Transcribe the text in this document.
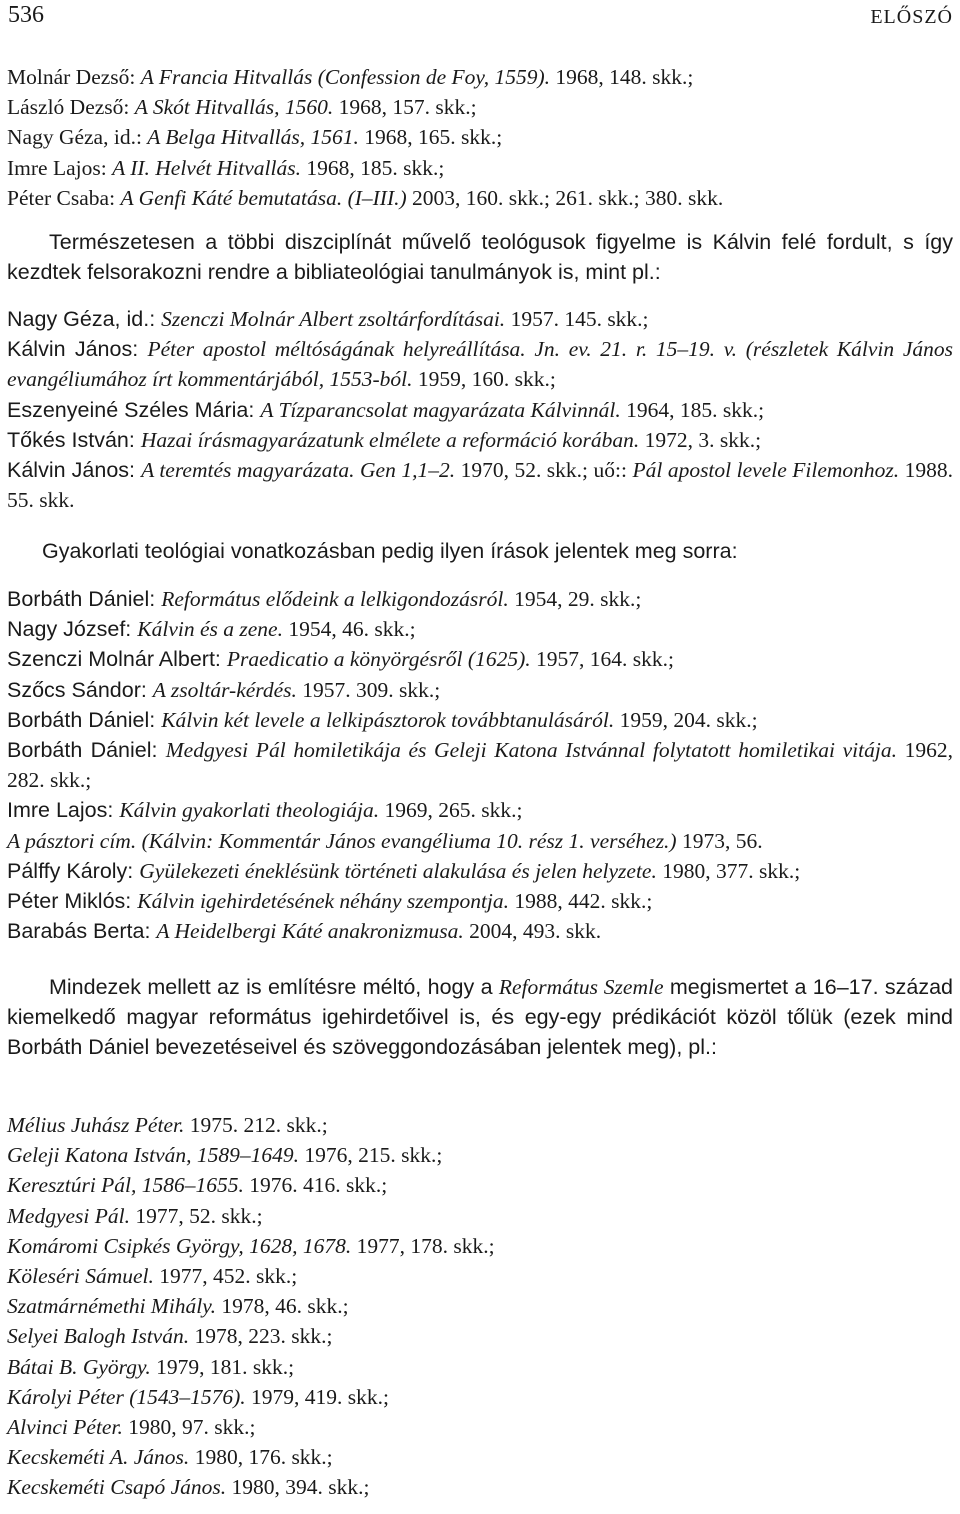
536	ELŐSZÓ
Molnár Dezső: A Francia Hitvallás (Confession de Foy, 1559). 1968, 148. skk.;
László Dezső: A Skót Hitvallás, 1560. 1968, 157. skk.;
Nagy Géza, id.: A Belga Hitvallás, 1561. 1968, 165. skk.;
Imre Lajos: A II. Helvét Hitvallás. 1968, 185. skk.;
Péter Csaba: A Genfi Káté bemutatása. (I–III.) 2003, 160. skk.; 261. skk.; 380. skk.

Természetesen a többi diszciplínát művelő teológusok figyelme is Kálvin felé fordult, s így kezdtek felsorakozni rendre a bibliateológiai tanulmányok is, mint pl.:

Nagy Géza, id.: Szenczi Molnár Albert zsoltárfordításai. 1957. 145. skk.;
Kálvin János: Péter apostol méltóságának helyreállítása. Jn. ev. 21. r. 15–19. v. (részletek Kálvin János evangéliumához írt kommentárjából, 1553-ból. 1959, 160. skk.;
Eszenyeiné Széles Mária: A Tízparancsolat magyarázata Kálvinnál. 1964, 185. skk.;
Tőkés István: Hazai írásmagyarázatunk elmélete a reformáció korában. 1972, 3. skk.;
Kálvin János: A teremtés magyarázata. Gen 1,1–2. 1970, 52. skk.; uő:: Pál apostol levele Filemonhoz. 1988. 55. skk.

Gyakorlati teológiai vonatkozásban pedig ilyen írások jelentek meg sorra:

Borbáth Dániel: Református elődeink a lelkigondozásról. 1954, 29. skk.;
Nagy József: Kálvin és a zene. 1954, 46. skk.;
Szenczi Molnár Albert: Praedicatio a könyörgésről (1625). 1957, 164. skk.;
Szőcs Sándor: A zsoltár-kérdés. 1957. 309. skk.;
Borbáth Dániel: Kálvin két levele a lelkipásztorok továbbtanulásáról. 1959, 204. skk.;
Borbáth Dániel: Medgyesi Pál homiletikája és Geleji Katona Istvánnal folytatott homiletikai vitája. 1962, 282. skk.;
Imre Lajos: Kálvin gyakorlati theologiája. 1969, 265. skk.;
A pásztori cím. (Kálvin: Kommentár János evangéliuma 10. rész 1. verséhez.) 1973, 56.
Pálffy Károly: Gyülekezeti éneklésünk történeti alakulása és jelen helyzete. 1980, 377. skk.;
Péter Miklós: Kálvin igehirdetésének néhány szempontja. 1988, 442. skk.;
Barabás Berta: A Heidelbergi Káté anakronizmusa. 2004, 493. skk.

Mindezek mellett az is említésre méltó, hogy a Református Szemle megismertet a 16–17. század kiemelkedő magyar református igehirdetőivel is, és egy-egy prédikációt közöl tőlük (ezek mind Borbáth Dániel bevezetéseivel és szöveggondozásában jelentek meg), pl.:

Mélius Juhász Péter. 1975. 212. skk.;
Geleji Katona István, 1589–1649. 1976, 215. skk.;
Keresztúri Pál, 1586–1655. 1976. 416. skk.;
Medgyesi Pál. 1977, 52. skk.;
Komáromi Csipkés György, 1628, 1678. 1977, 178. skk.;
Köleséri Sámuel. 1977, 452. skk.;
Szatmárnémethi Mihály. 1978, 46. skk.;
Selyei Balogh István. 1978, 223. skk.;
Bátai B. György. 1979, 181. skk.;
Károlyi Péter (1543–1576). 1979, 419. skk.;
Alvinci Péter. 1980, 97. skk.;
Kecskeméti A. János. 1980, 176. skk.;
Kecskeméti Csapó János. 1980, 394. skk.;
